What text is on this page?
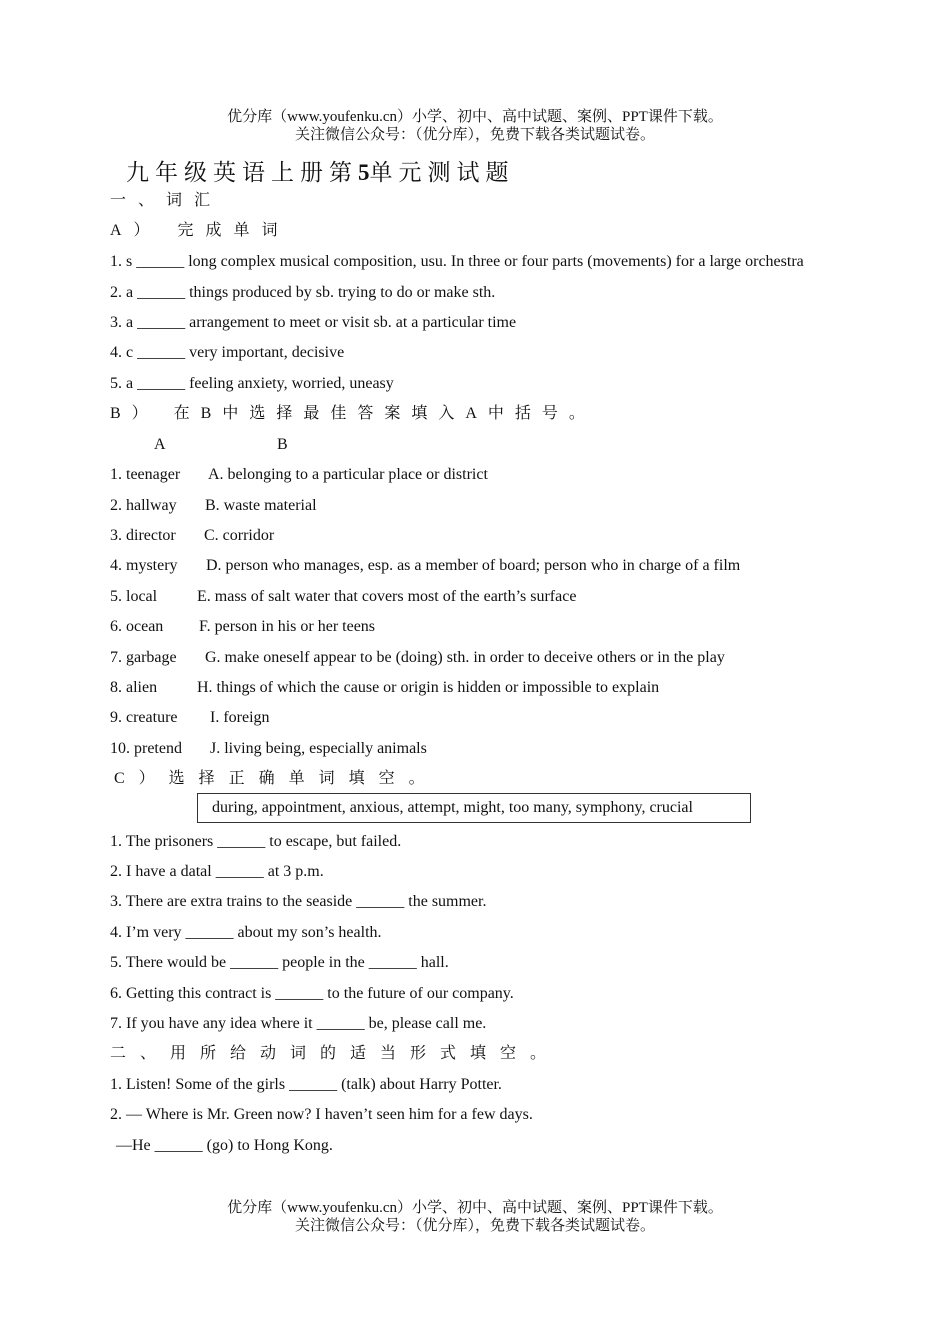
优分库（www.youfenku.cn）小学、初中、高中试题、案例、PPT课件下载。
关注微信公众号：（优分库），免费下载各类试题试卷。
九年级英语上册第5单元测试题
一、词汇
A） 完成单词
1. s ______ long complex musical composition, usu. In three or four parts (movements) for a large orchestra
2. a ______ things produced by sb. trying to do or make sth.
3. a ______ arrangement to meet or visit sb. at a particular time
4. c ______ very important, decisive
5. a ______ feeling anxiety, worried, uneasy
B） 在B中选择最佳答案填入A中括号。
A	B
1. teenager A. belonging to a particular place or district
2. hallway B. waste material
3. director C. corridor
4. mystery D. person who manages, esp. as a member of board; person who in charge of a film
5. local E. mass of salt water that covers most of the earth’s surface
6. ocean F. person in his or her teens
7. garbage G. make oneself appear to be (doing) sth. in order to deceive others or in the play
8. alien H. things of which the cause or origin is hidden or impossible to explain
9. creature I. foreign
10. pretend J. living being, especially animals
C）选择正确单词填空。
during, appointment, anxious, attempt, might, too many, symphony, crucial
1. The prisoners ______ to escape, but failed.
2. I have a datal ______ at 3 p.m.
3. There are extra trains to the seaside ______ the summer.
4. I’m very ______ about my son’s health.
5. There would be ______ people in the ______ hall.
6. Getting this contract is ______ to the future of our company.
7. If you have any idea where it ______ be, please call me.
二、用所给动词的适当形式填空。
1. Listen! Some of the girls ______ (talk) about Harry Potter.
2. — Where is Mr. Green now? I haven’t seen him for a few days.
—He ______ (go) to Hong Kong.
优分库（www.youfenku.cn）小学、初中、高中试题、案例、PPT课件下载。
关注微信公众号：（优分库），免费下载各类试题试卷。
